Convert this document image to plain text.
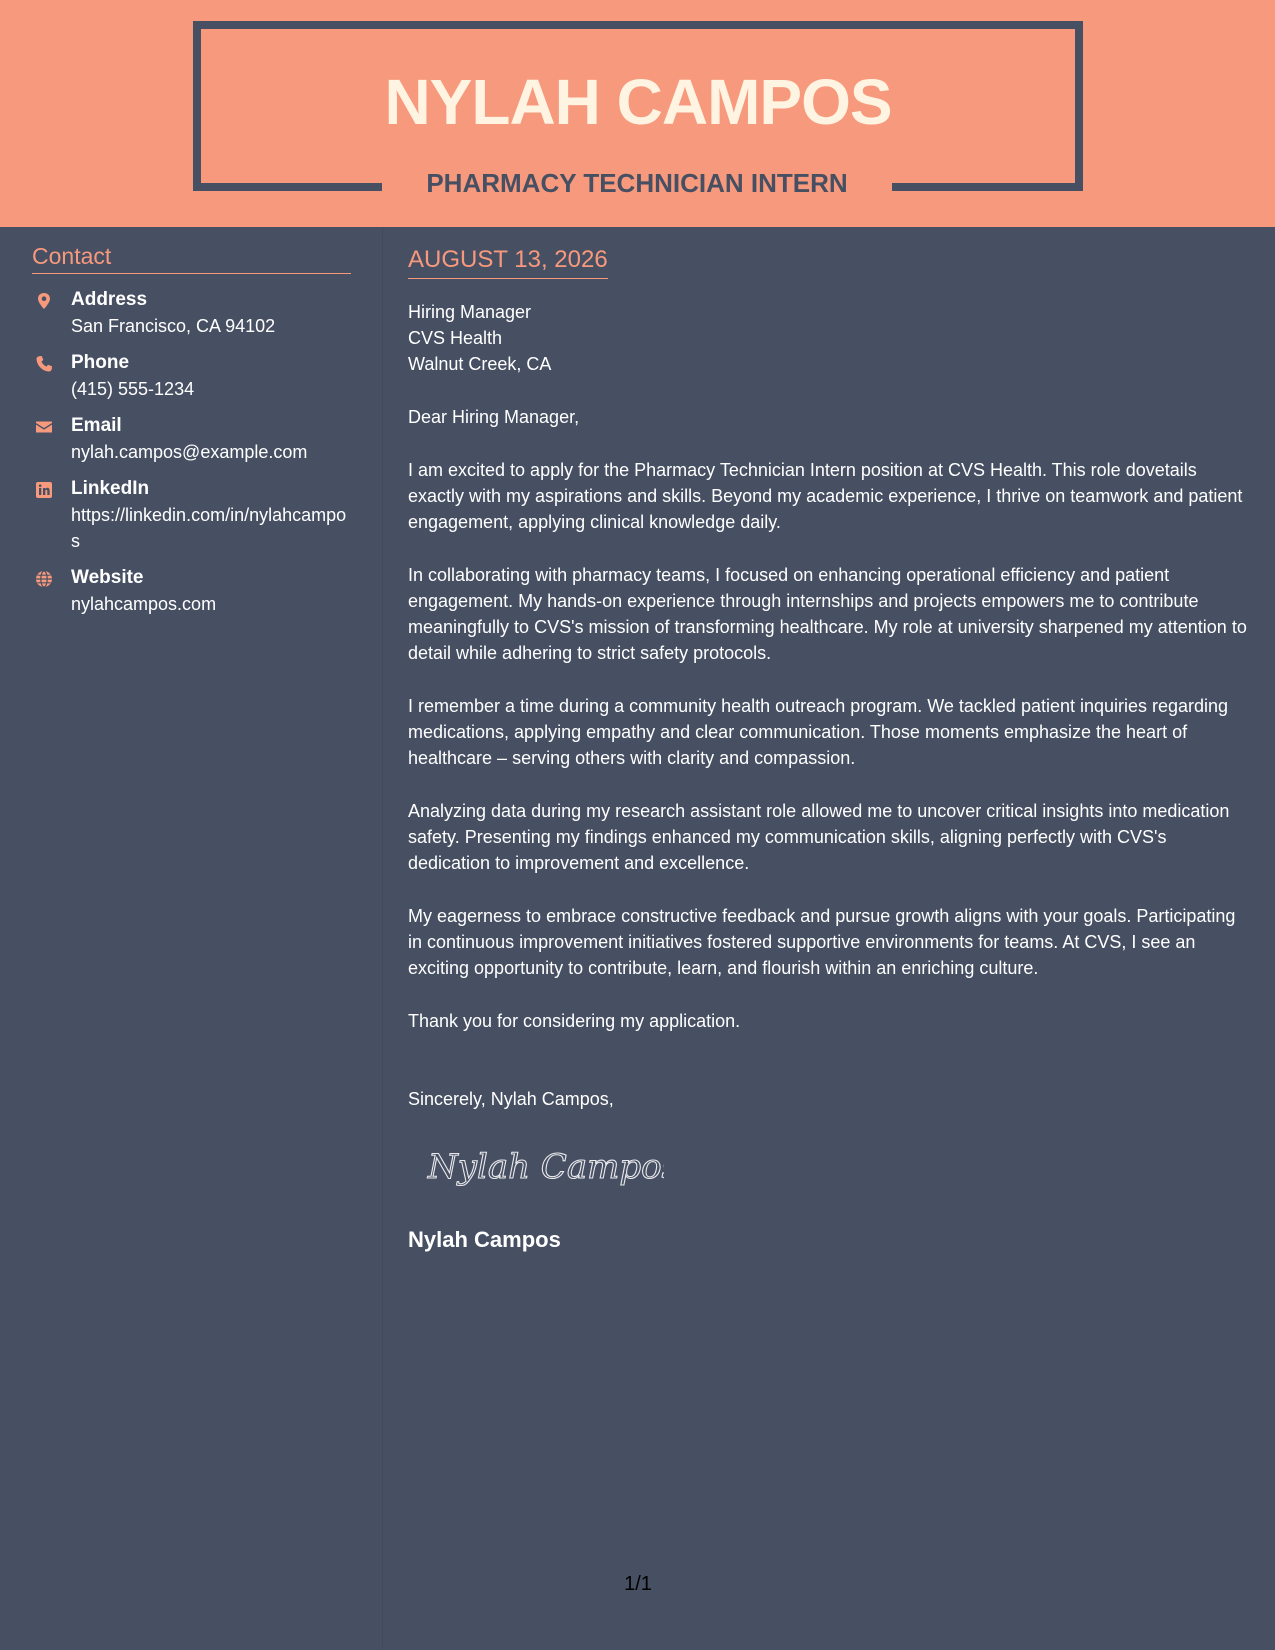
NYLAH CAMPOS
PHARMACY TECHNICIAN INTERN
Contact
Address
San Francisco, CA 94102
Phone
(415) 555-1234
Email
nylah.campos@example.com
LinkedIn
https://linkedin.com/in/nylahcampos
Website
nylahcampos.com
AUGUST 13, 2026

Hiring Manager

CVS Health

Walnut Creek, CA

Dear Hiring Manager,

I am excited to apply for the Pharmacy Technician Intern position at CVS Health. This role dovetails exactly with my aspirations and skills. Beyond my academic experience, I thrive on teamwork and patient engagement, applying clinical knowledge daily.

In collaborating with pharmacy teams, I focused on enhancing operational efficiency and patient engagement. My hands-on experience through internships and projects empowers me to contribute meaningfully to CVS's mission of transforming healthcare. My role at university sharpened my attention to detail while adhering to strict safety protocols.

I remember a time during a community health outreach program. We tackled patient inquiries regarding medications, applying empathy and clear communication. Those moments emphasize the heart of healthcare – serving others with clarity and compassion.

Analyzing data during my research assistant role allowed me to uncover critical insights into medication safety. Presenting my findings enhanced my communication skills, aligning perfectly with CVS's dedication to improvement and excellence.

My eagerness to embrace constructive feedback and pursue growth aligns with your goals. Participating in continuous improvement initiatives fostered supportive environments for teams. At CVS, I see an exciting opportunity to contribute, learn, and flourish within an enriching culture.

Thank you for considering my application.

Sincerely, Nylah Campos,

Nylah Campos

Nylah Campos

1/1
